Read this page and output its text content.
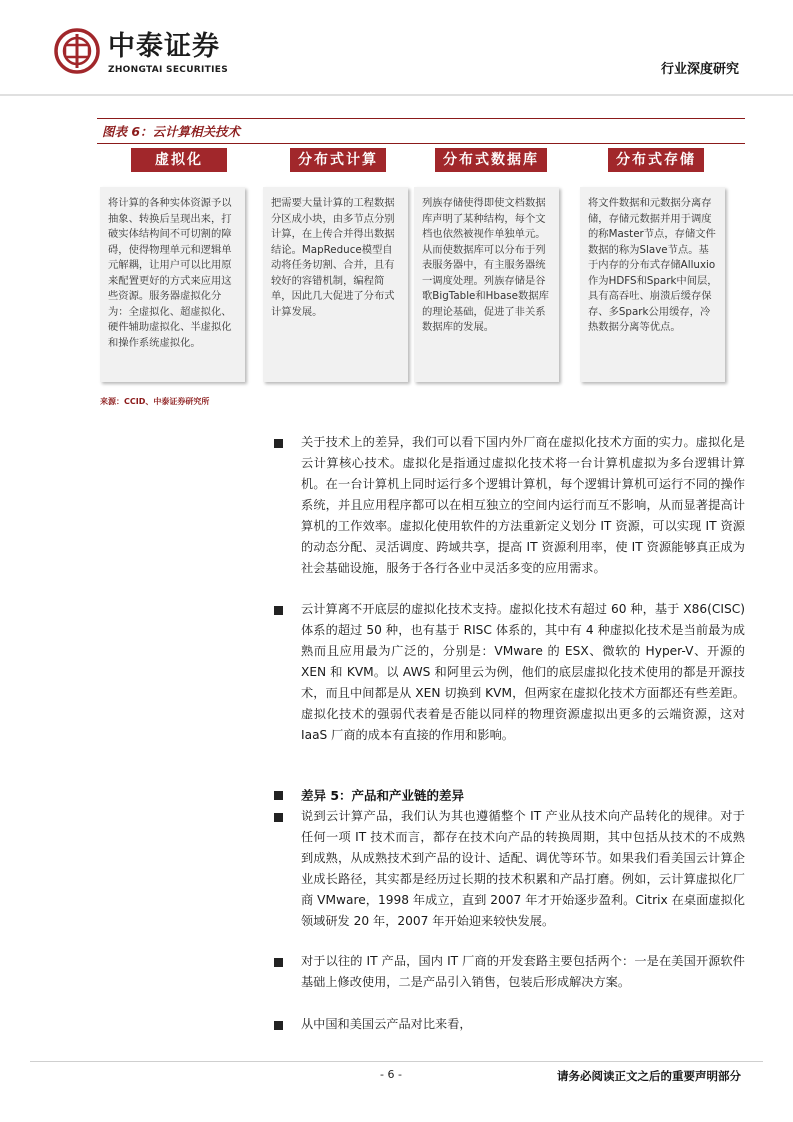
中泰证券
ZHONGTAI SECURITIES	行业深度研究
图表 6：云计算相关技术
虚拟化	分布式计算	分布式数据库	分布式存储
将计算的各种实体资源予以抽象、转换后呈现出来，打破实体结构间不可切割的障碍，使得物理单元和逻辑单元解耦，让用户可以比用原来配置更好的方式来应用这些资源。服务器虚拟化分为：全虚拟化、超虚拟化、硬件辅助虚拟化、半虚拟化和操作系统虚拟化。
把需要大量计算的工程数据分区成小块，由多节点分别计算，在上传合并得出数据结论。MapReduce模型自动将任务切割、合并，且有较好的容错机制，编程简单，因此几大促进了分布式计算发展。
列族存储使得即使文档数据库声明了某种结构，每个文档也依然被视作单独单元。从而使数据库可以分布于列表服务器中，有主服务器统一调度处理。列族存储是谷歌BigTable和Hbase数据库的理论基础，促进了非关系数据库的发展。
将文件数据和元数据分离存储，存储元数据并用于调度的称Master节点，存储文件数据的称为Slave节点。基于内存的分布式存储Alluxio作为HDFS和Spark中间层，具有高吞吐、崩溃后缓存保存、多Spark公用缓存，冷热数据分离等优点。
来源：CCID、中泰证券研究所
关于技术上的差异，我们可以看下国内外厂商在虚拟化技术方面的实力。虚拟化是云计算核心技术。虚拟化是指通过虚拟化技术将一台计算机虚拟为多台逻辑计算机。在一台计算机上同时运行多个逻辑计算机，每个逻辑计算机可运行不同的操作系统，并且应用程序都可以在相互独立的空间内运行而互不影响，从而显著提高计算机的工作效率。虚拟化使用软件的方法重新定义划分 IT 资源，可以实现 IT 资源的动态分配、灵活调度、跨域共享，提高 IT 资源利用率，使 IT 资源能够真正成为社会基础设施，服务于各行各业中灵活多变的应用需求。
云计算离不开底层的虚拟化技术支持。虚拟化技术有超过 60 种，基于 X86(CISC)体系的超过 50 种，也有基于 RISC 体系的，其中有 4 种虚拟化技术是当前最为成熟而且应用最为广泛的，分别是：VMware 的 ESX、微软的 Hyper-V、开源的 XEN 和 KVM。以 AWS 和阿里云为例，他们的底层虚拟化技术使用的都是开源技术，而且中间都是从 XEN 切换到 KVM，但两家在虚拟化技术方面都还有些差距。虚拟化技术的强弱代表着是否能以同样的物理资源虚拟出更多的云端资源，这对 IaaS 厂商的成本有直接的作用和影响。
差异 5：产品和产业链的差异
说到云计算产品，我们认为其也遵循整个 IT 产业从技术向产品转化的规律。对于任何一项 IT 技术而言，都存在技术向产品的转换周期，其中包括从技术的不成熟到成熟，从成熟技术到产品的设计、适配、调优等环节。如果我们看美国云计算企业成长路径，其实都是经历过长期的技术积累和产品打磨。例如，云计算虚拟化厂商 VMware，1998 年成立，直到 2007 年才开始逐步盈利。Citrix 在桌面虚拟化领域研发 20 年，2007 年开始迎来较快发展。
对于以往的 IT 产品，国内 IT 厂商的开发套路主要包括两个：一是在美国开源软件基础上修改使用，二是产品引入销售，包装后形成解决方案。
从中国和美国云产品对比来看，
- 6 -	请务必阅读正文之后的重要声明部分
